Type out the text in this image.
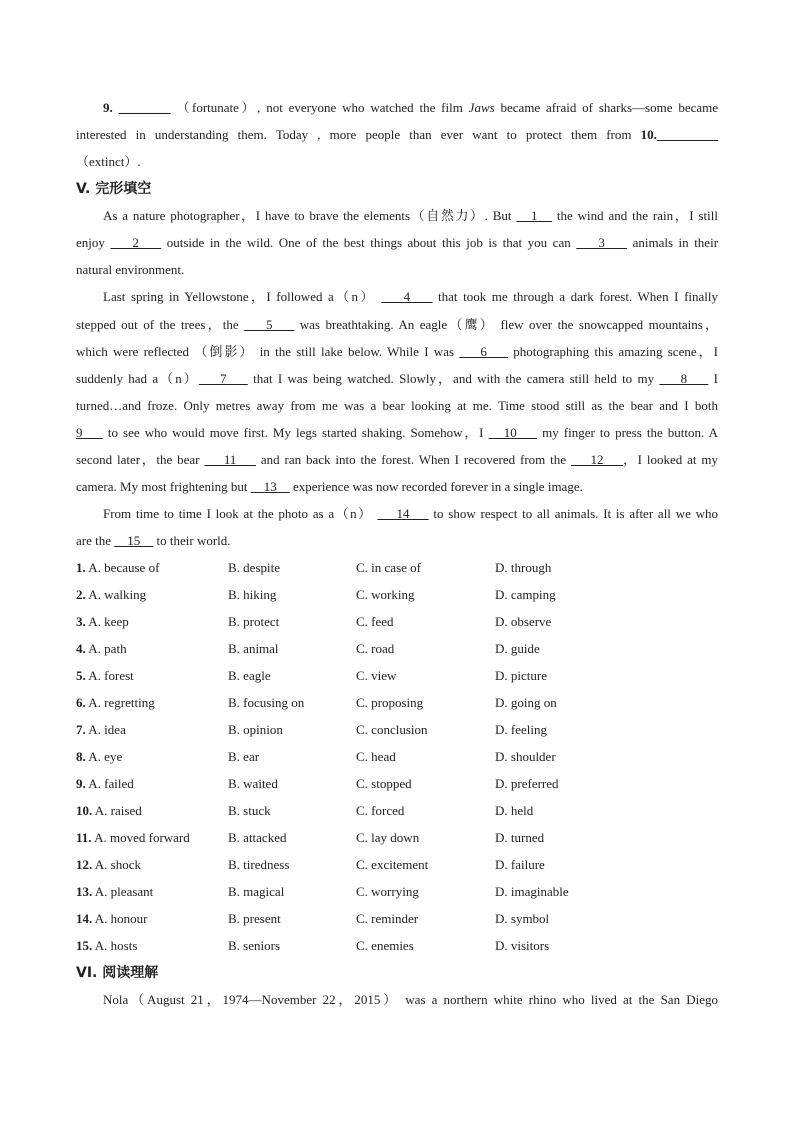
9. ________ （fortunate）, not everyone who watched the film Jaws became afraid of sharks—some became
interested in understanding them. Today , more people than ever want to protect them from 10. ________
（extinct）.
V. 完形填空
As a nature photographer，I have to brave the elements（自然力）. But    1    the wind and the rain，I still
enjoy     2     outside in the wild. One of the best things about this job is that you can     3     animals in their
natural environment.
Last spring in Yellowstone，I followed a（n）     4     that took me through a dark forest. When I finally
stepped out of the trees，the     5     was breathtaking. An eagle（鹰） flew over the snowcapped mountains，
which were reflected （倒影） in the still lake below. While I was     6     photographing this amazing scene，I
suddenly had a（n）    7     that I was being watched. Slowly，and with the camera still held to my     8     I
turned…and froze. Only metres away from me was a bear looking at me. Time stood still as the bear and I both
9     to see who would move first. My legs started shaking. Somehow，I    10     my finger to press the button. A
second later，the bear     11     and ran back into the forest. When I recovered from the     12    ，I looked at my
camera. My most frightening but     13     experience was now recorded forever in a single image.
From time to time I look at the photo as a（n）     14     to show respect to all animals. It is after all we who
are the     15     to their world.
1. A. because of	B. despite	C. in case of	D. through
2. A. walking	B. hiking	C. working	D. camping
3. A. keep	B. protect	C. feed	D. observe
4. A. path	B. animal	C. road	D. guide
5. A. forest	B. eagle	C. view	D. picture
6. A. regretting	B. focusing on	C. proposing	D. going on
7. A. idea	B. opinion	C. conclusion	D. feeling
8. A. eye	B. ear	C. head	D. shoulder
9. A. failed	B. waited	C. stopped	D. preferred
10. A. raised	B. stuck	C. forced	D. held
11. A. moved forward	B. attacked	C. lay down	D. turned
12. A. shock	B. tiredness	C. excitement	D. failure
13. A. pleasant	B. magical	C. worrying	D. imaginable
14. A. honour	B. present	C. reminder	D. symbol
15. A. hosts	B. seniors	C. enemies	D. visitors
VI. 阅读理解
Nola（August 21，1974—November 22，2015） was a northern white rhino who lived at the San Diego
